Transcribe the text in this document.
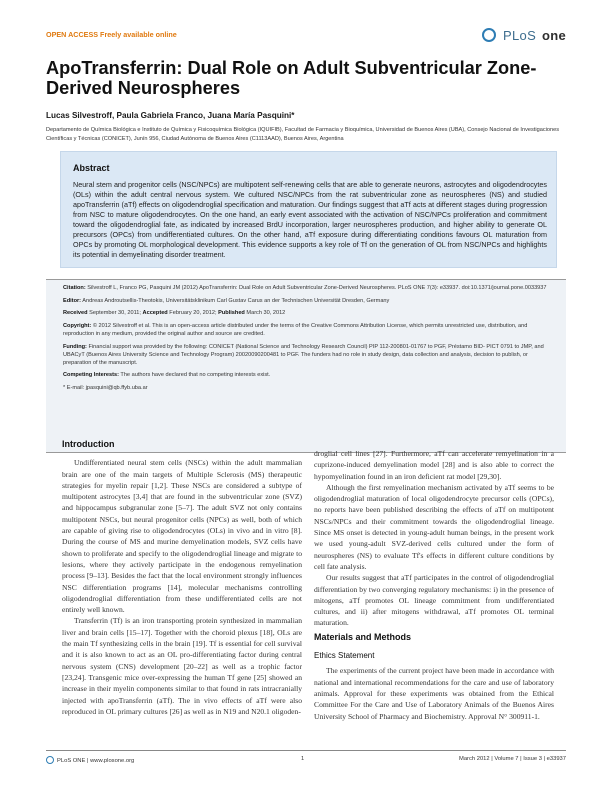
OPEN ACCESS Freely available online	PLoS one
ApoTransferrin: Dual Role on Adult Subventricular Zone-Derived Neurospheres
Lucas Silvestroff, Paula Gabriela Franco, Juana María Pasquini*
Departamento de Química Biológica e Instituto de Química y Fisicoquímica Biológica (IQUIFIB), Facultad de Farmacia y Bioquímica, Universidad de Buenos Aires (UBA), Consejo Nacional de Investigaciones Científicas y Técnicas (CONICET), Junín 956, Ciudad Autónoma de Buenos Aires (C1113AAD), Buenos Aires, Argentina
Abstract

Neural stem and progenitor cells (NSC/NPCs) are multipotent self-renewing cells that are able to generate neurons, astrocytes and oligodendrocytes (OLs) within the adult central nervous system. We cultured NSC/NPCs from the rat subventricular zone as neurospheres (NS) and studied apoTransferrin (aTf) effects on oligodendroglial specification and maturation. Our findings suggest that aTf acts at different stages during progression from NSC to mature oligodendrocytes. On the one hand, an early event associated with the activation of NSC/NPCs proliferation and commitment toward the oligodendroglial fate, as indicated by increased BrdU incorporation, larger neurospheres production, and higher ability to generate OL precursors (OPCs) from undifferentiated cultures. On the other hand, aTf exposure during differentiating conditions favours OL maturation from OPCs by promoting OL morphological development. This evidence supports a key role of Tf on the generation of OL from NSC/NPCs and highlights its potential in demyelinating disorder treatment.

Citation: Silvestroff L, Franco PG, Pasquini JM (2012) ApoTransferrin: Dual Role on Adult Subventricular Zone-Derived Neurospheres. PLoS ONE 7(3): e33937. doi:10.1371/journal.pone.0033937
Editor: Andreas Androutsellis-Theotokis, Universitätsklinikum Carl Gustav Carus an der Technischen Universität Dresden, Germany
Received September 30, 2011; Accepted February 20, 2012; Published March 30, 2012
Copyright: © 2012 Silvestroff et al. This is an open-access article distributed under the terms of the Creative Commons Attribution License, which permits unrestricted use, distribution, and reproduction in any medium, provided the original author and source are credited.
Funding: Financial support was provided by the following: CONICET (National Science and Technology Research Council) PIP 112-200801-01767 to PGF, Préstamo BID- PICT 0791 to JMP, and UBACyT (Buenos Aires University Science and Technology Program) 20020090200481 to PGF. The funders had no role in study design, data collection and analysis, decision to publish, or preparation of the manuscript.
Competing Interests: The authors have declared that no competing interests exist.
* E-mail: jpasquini@qb.ffyb.uba.ar
Introduction

Undifferentiated neural stem cells (NSCs) within the adult mammalian brain are one of the main targets of Multiple Sclerosis (MS) therapeutic strategies for myelin repair [1,2]. These NSCs are considered a subtype of multipotent astrocytes [3,4] that are found in the subventricular zone (SVZ) and hippocampus subgranular zone [5–7]. The adult SVZ not only contains multipotent NSCs, but neural progenitor cells (NPCs) as well, both of which are capable of giving rise to oligodendrocytes (OLs) in vivo and in vitro [8]. During the course of MS and murine demyelination models, SVZ cells have shown to proliferate and specify to the oligodendroglial lineage and migrate to lesions, where they actively participate in the endogenous remyelination process [9–13]. Besides the fact that the local environment strongly influences NSC differentiation programs [14], molecular mechanisms controlling oligodendroglial differentiation from these undifferentiated cells are not entirely well known.

Transferrin (Tf) is an iron transporting protein synthesized in mammalian liver and brain cells [15–17]. Together with the choroid plexus [18], OLs are the main Tf synthesizing cells in the brain [19]. Tf is essential for cell survival and it is also known to act as an OL pro-differentiating factor during central nervous system (CNS) development [20–22] as well as a trophic factor [23,24]. Transgenic mice over-expressing the human Tf gene [25] showed an increase in their myelin components similar to that found in rats intracranially injected with apoTransferrin (aTf). The in vivo effects of aTf were also reproduced in OL primary cultures [26] as well as in N19 and N20.1 oligoden-

droglial cell lines [27]. Furthermore, aTf can accelerate remyelination in a cuprizone-induced demyelination model [28] and is also able to correct the hypomyelination found in an iron deficient rat model [29,30].

Although the first remyelination mechanism activated by aTf seems to be oligodendroglial maturation of local oligodendrocyte precursor cells (OPCs), no reports have been published describing the effects of aTf on multipotent NSCs/NPCs and their commitment towards the oligodendroglial lineage. Since MS onset is detected in young-adult human beings, in the present work we used young-adult SVZ-derived cells cultured under the form of neurospheres (NS) to evaluate Tf's effects in different culture conditions by cell fate analysis.

Our results suggest that aTf participates in the control of oligodendroglial differentiation by two converging regulatory mechanisms: i) in the presence of mitogens, aTf promotes OL lineage commitment from undifferentiated cultures, and ii) after mitogens withdrawal, aTf promotes OL terminal maturation.

Materials and Methods
Ethics Statement

The experiments of the current project have been made in accordance with national and international recommendations for the care and use of laboratory animals. Approval for these experiments was obtained from the Ethical Committee For the Care and Use of Laboratory Animals of the Buenos Aires University School of Pharmacy and Biochemistry. Approval N° 300911-1.

PLoS ONE | www.plosone.org	1	March 2012 | Volume 7 | Issue 3 | e33937
